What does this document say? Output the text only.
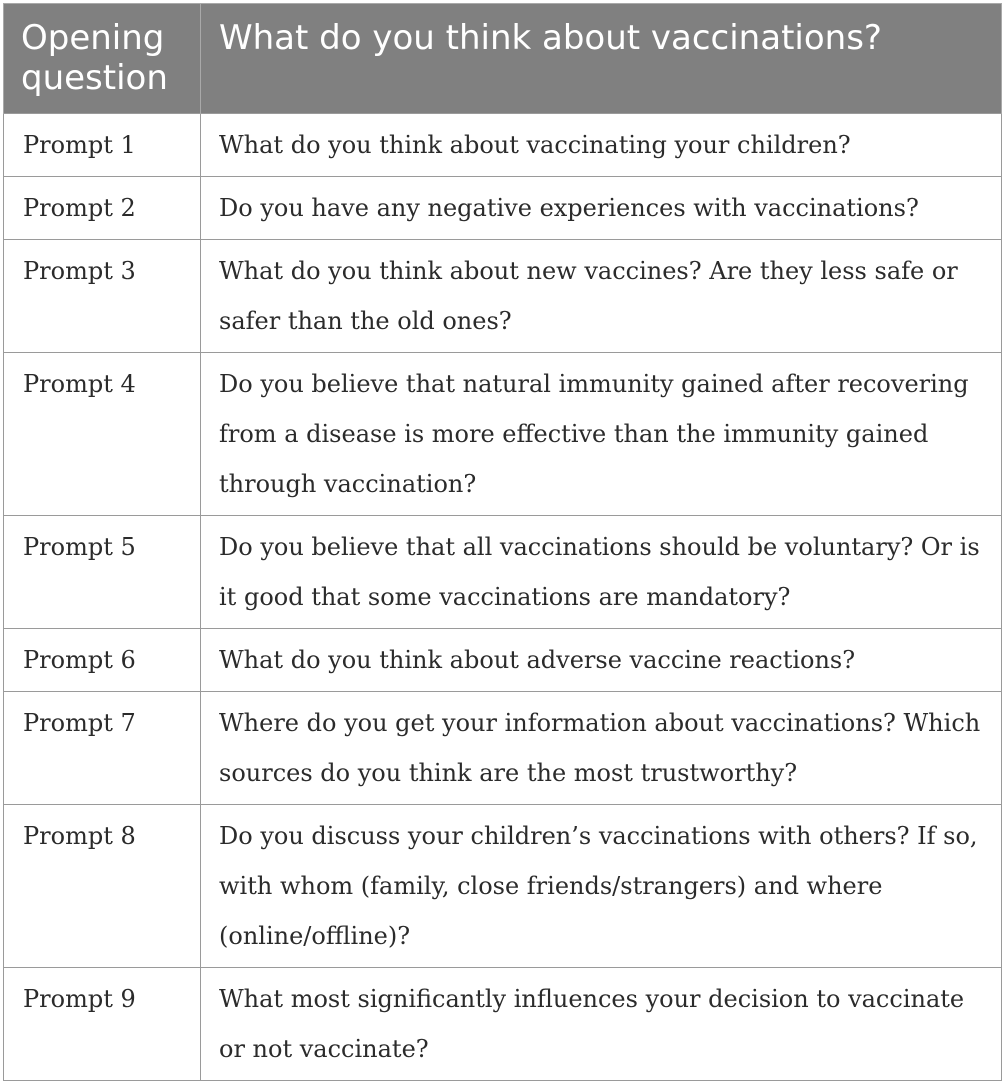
Opening question	What do you think about vaccinations?
Prompt 1	What do you think about vaccinating your children?
Prompt 2	Do you have any negative experiences with vaccinations?
Prompt 3	What do you think about new vaccines? Are they less safe or safer than the old ones?
Prompt 4	Do you believe that natural immunity gained after recovering from a disease is more effective than the immunity gained through vaccination?
Prompt 5	Do you believe that all vaccinations should be voluntary? Or is it good that some vaccinations are mandatory?
Prompt 6	What do you think about adverse vaccine reactions?
Prompt 7	Where do you get your information about vaccinations? Which sources do you think are the most trustworthy?
Prompt 8	Do you discuss your children’s vaccinations with others? If so, with whom (family, close friends/strangers) and where (online/offline)?
Prompt 9	What most significantly influences your decision to vaccinate or not vaccinate?
